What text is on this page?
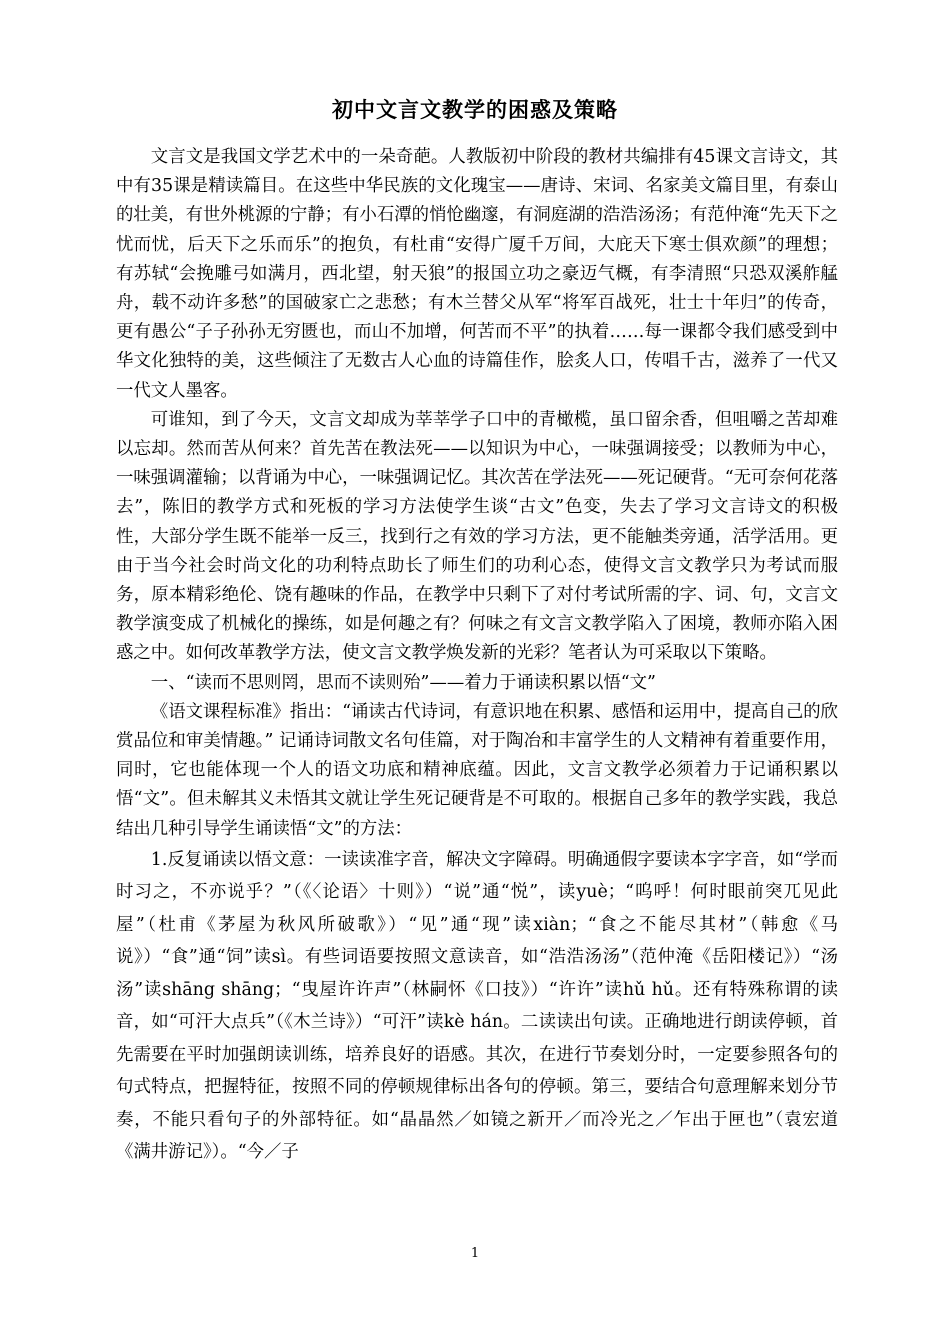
初中文言文教学的困惑及策略

文言文是我国文学艺术中的一朵奇葩。人教版初中阶段的教材共编排有45课文言诗文，其中有35课是精读篇目。在这些中华民族的文化瑰宝——唐诗、宋词、名家美文篇目里，有泰山的壮美，有世外桃源的宁静；有小石潭的悄怆幽邃，有洞庭湖的浩浩汤汤；有范仲淹“先天下之忧而忧，后天下之乐而乐”的抱负，有杜甫“安得广厦千万间，大庇天下寒士俱欢颜”的理想；有苏轼“会挽雕弓如满月，西北望，射天狼”的报国立功之豪迈气概，有李清照“只恐双溪舴艋舟，载不动许多愁”的国破家亡之悲愁；有木兰替父从军“将军百战死，壮士十年归”的传奇，更有愚公“子子孙孙无穷匮也，而山不加增，何苦而不平”的执着……每一课都令我们感受到中华文化独特的美，这些倾注了无数古人心血的诗篇佳作，脍炙人口，传唱千古，滋养了一代又一代文人墨客。

可谁知，到了今天，文言文却成为莘莘学子口中的青橄榄，虽口留余香，但咀嚼之苦却难以忘却。然而苦从何来？首先苦在教法死——以知识为中心，一味强调接受；以教师为中心，一味强调灌输；以背诵为中心，一味强调记忆。其次苦在学法死——死记硬背。“无可奈何花落去”，陈旧的教学方式和死板的学习方法使学生谈“古文”色变，失去了学习文言诗文的积极性，大部分学生既不能举一反三，找到行之有效的学习方法，更不能触类旁通，活学活用。更由于当今社会时尚文化的功利特点助长了师生们的功利心态，使得文言文教学只为考试而服务，原本精彩绝伦、饶有趣味的作品，在教学中只剩下了对付考试所需的字、词、句，文言文教学演变成了机械化的操练，如是何趣之有？何味之有文言文教学陷入了困境，教师亦陷入困惑之中。如何改革教学方法，使文言文教学焕发新的光彩？笔者认为可采取以下策略。

一、“读而不思则罔，思而不读则殆”——着力于诵读积累以悟“文”

《语文课程标准》指出：“诵读古代诗词，有意识地在积累、感悟和运用中，提高自己的欣赏品位和审美情趣。” 记诵诗词散文名句佳篇，对于陶冶和丰富学生的人文精神有着重要作用，同时，它也能体现一个人的语文功底和精神底蕴。因此，文言文教学必须着力于记诵积累以悟“文”。但未解其义未悟其文就让学生死记硬背是不可取的。根据自己多年的教学实践，我总结出几种引导学生诵读悟“文”的方法：

1.反复诵读以悟文意：一读读准字音，解决文字障碍。明确通假字要读本字字音，如“学而时习之，不亦说乎？”（《〈论语〉十则》）“说”通“悦”，读yuè；“呜呼！何时眼前突兀见此屋”（杜甫《茅屋为秋风所破歌》）“见”通“现”读xiàn；“食之不能尽其材”（韩愈《马说》）“食”通“饲”读sì。有些词语要按照文意读音，如“浩浩汤汤”（范仲淹《岳阳楼记》）“汤汤”读shāng shāng；“曳屋许许声”（林嗣怀《口技》）“许许”读hǔ hǔ。还有特殊称谓的读音，如“可汗大点兵”（《木兰诗》）“可汗”读kè hán。二读读出句读。正确地进行朗读停顿，首先需要在平时加强朗读训练，培养良好的语感。其次，在进行节奏划分时，一定要参照各句的句式特点，把握特征，按照不同的停顿规律标出各句的停顿。第三，要结合句意理解来划分节奏，不能只看句子的外部特征。如“晶晶然／如镜之新开／而冷光之／乍出于匣也”（袁宏道《满井游记》）。“今／子

1
